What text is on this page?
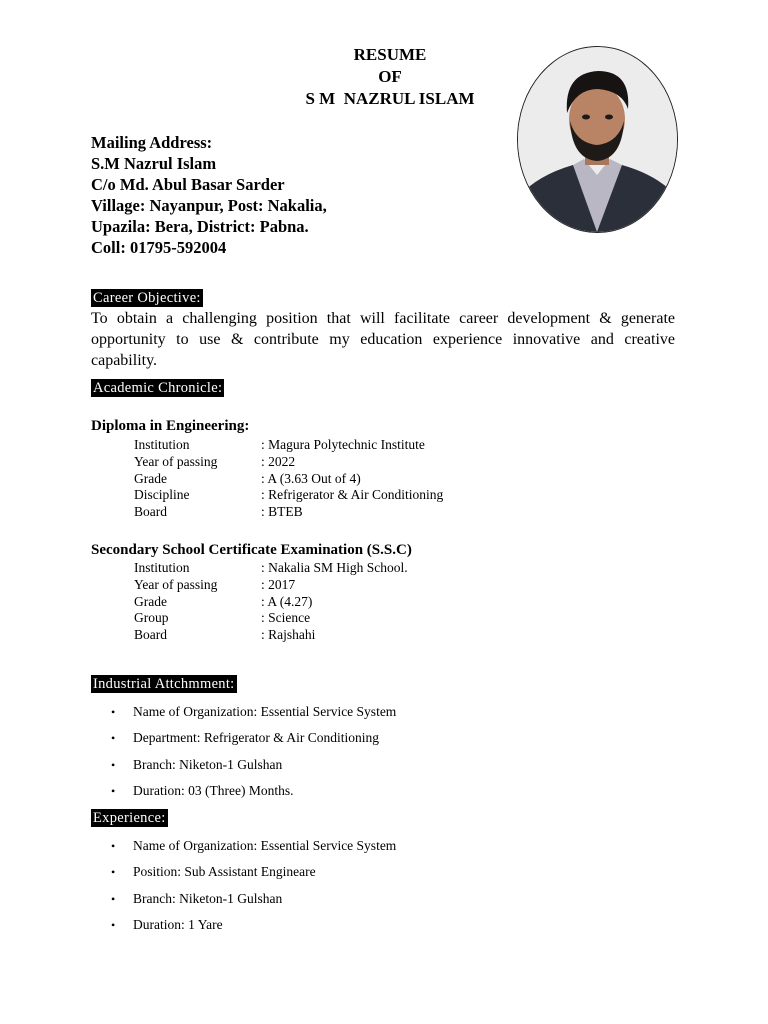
RESUME
OF
S M  NAZRUL ISLAM
Mailing Address:
S.M Nazrul Islam
C/o Md. Abul Basar Sarder
Village: Nayanpur, Post: Nakalia,
Upazila: Bera, District: Pabna.
Coll: 01795-592004
Career Objective:
To obtain a challenging position that will facilitate career development & generate opportunity to use & contribute my education experience innovative and creative capability.
Academic Chronicle:
Diploma in Engineering:
Institution	: Magura Polytechnic Institute
Year of passing	: 2022
Grade	: A (3.63 Out of 4)
Discipline	: Refrigerator & Air Conditioning
Board	: BTEB
Secondary School Certificate Examination (S.S.C)
Institution	: Nakalia SM High School.
Year of passing	: 2017
Grade	: A (4.27)
Group	: Science
Board	: Rajshahi
Industrial Attchmment:
•	Name of Organization: Essential Service System
•	Department: Refrigerator & Air Conditioning
•	Branch: Niketon-1 Gulshan
•	Duration: 03 (Three) Months.
Experience:
•	Name of Organization: Essential Service System
•	Position: Sub Assistant Engineare
•	Branch: Niketon-1 Gulshan
•	Duration: 1 Yare
